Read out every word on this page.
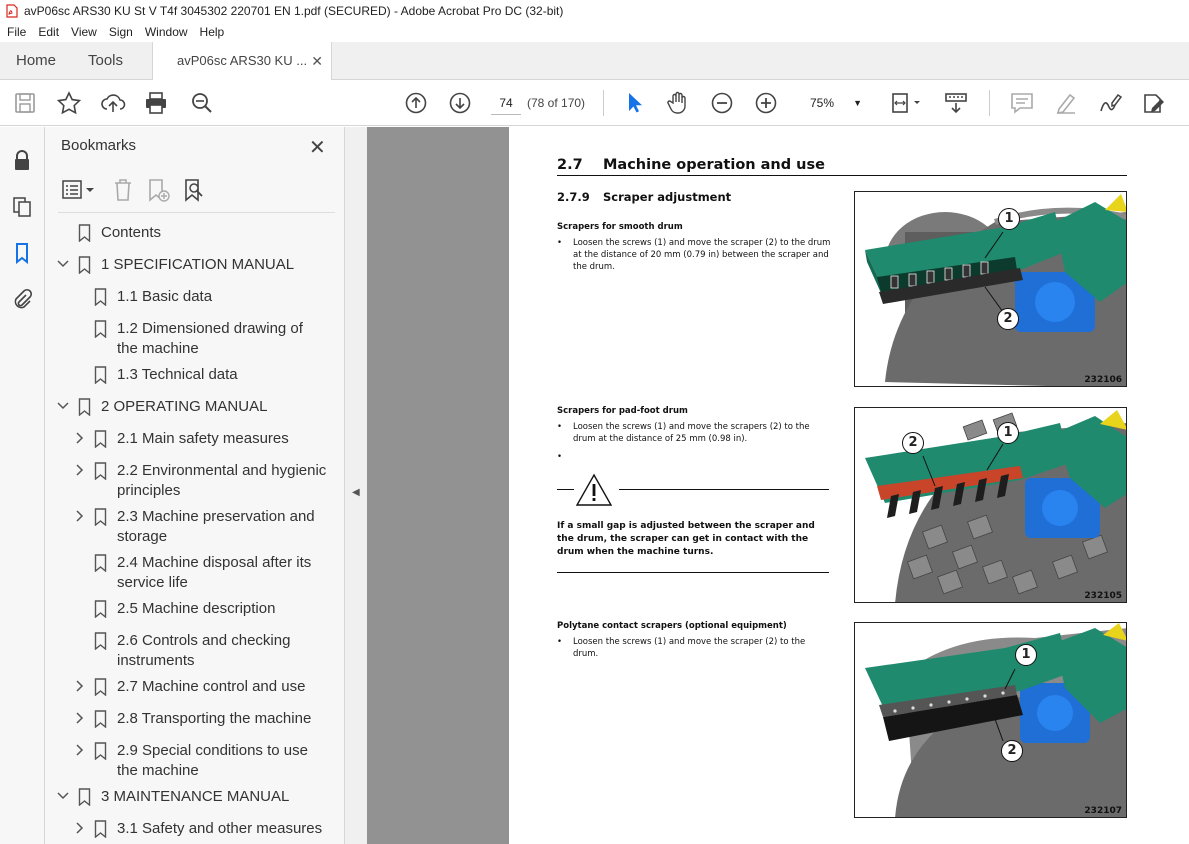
avP06sc ARS30 KU St V T4f 3045302 220701 EN 1.pdf (SECURED) - Adobe Acrobat Pro DC (32-bit)
File Edit View Sign Window Help
Home Tools	avP06sc ARS30 KU ... ✕
74	(78 of 170)	75% ▼
Bookmarks	✕
Contents
1 SPECIFICATION MANUAL
1.1 Basic data
1.2 Dimensioned drawing of
the machine
1.3 Technical data
2 OPERATING MANUAL
2.1 Main safety measures
2.2 Environmental and hygienic
principles
2.3 Machine preservation and
storage
2.4 Machine disposal after its
service life
2.5 Machine description
2.6 Controls and checking
instruments
2.7 Machine control and use
2.8 Transporting the machine
2.9 Special conditions to use
the machine
3 MAINTENANCE MANUAL
3.1 Safety and other measures
◀
2.7 Machine operation and use
2.7.9 Scraper adjustment
Scrapers for smooth drum
• Loosen the screws (1) and move the scraper (2) to the drum at the distance of 20 mm (0.79 in) between the scraper and the drum.
Scrapers for pad-foot drum
• Loosen the screws (1) and move the scrapers (2) to the drum at the distance of 25 mm (0.98 in).
•
If a small gap is adjusted between the scraper and the drum, the scraper can get in contact with the drum when the machine turns.
Polytane contact scrapers (optional equipment)
• Loosen the screws (1) and move the scraper (2) to the drum.
1
2
232106
2
1
232105
1
2
232107
